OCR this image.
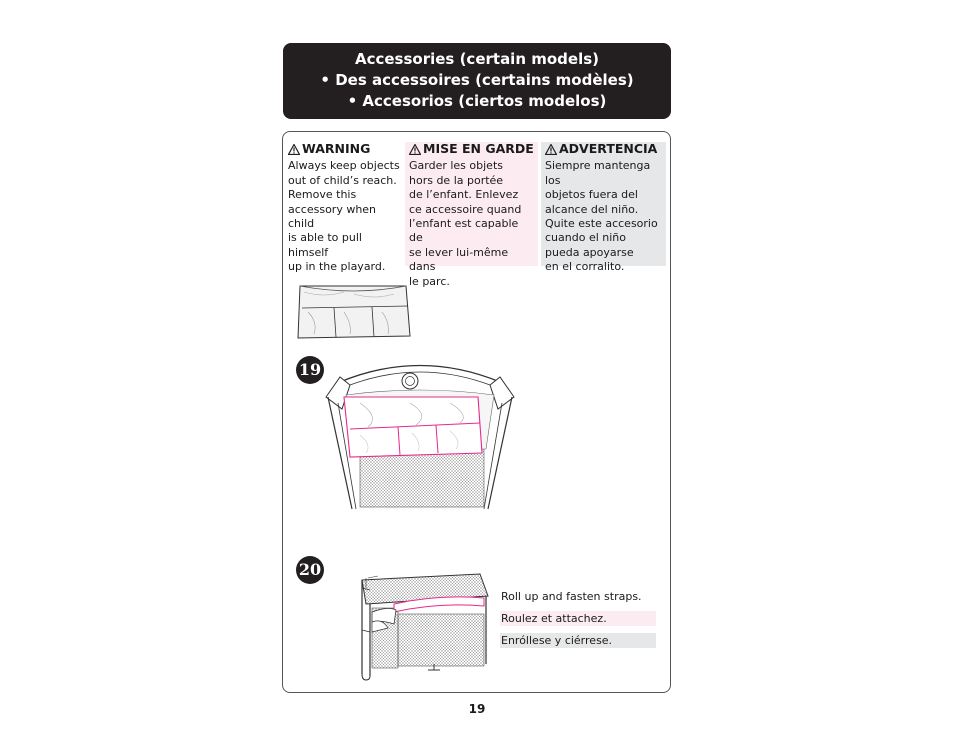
Accessories (certain models)
• Des accessoires (certains modèles)
• Accesorios (ciertos modelos)
WARNING

Always keep objects
out of child’s reach.
Remove this
accessory when child
is able to pull himself
up in the playard.

MISE EN GARDE

Garder les objets
hors de la portée
de l’enfant. Enlevez
ce accessoire quand
l’enfant est capable de
se lever lui-même dans
le parc.

ADVERTENCIA

Siempre mantenga los
objetos fuera del
alcance del niño.
Quite este accesorio
cuando el niño
pueda apoyarse
en el corralito.

19
20
Roll up and fasten straps.
Roulez et attachez.
Enróllese y ciérrese.
19
